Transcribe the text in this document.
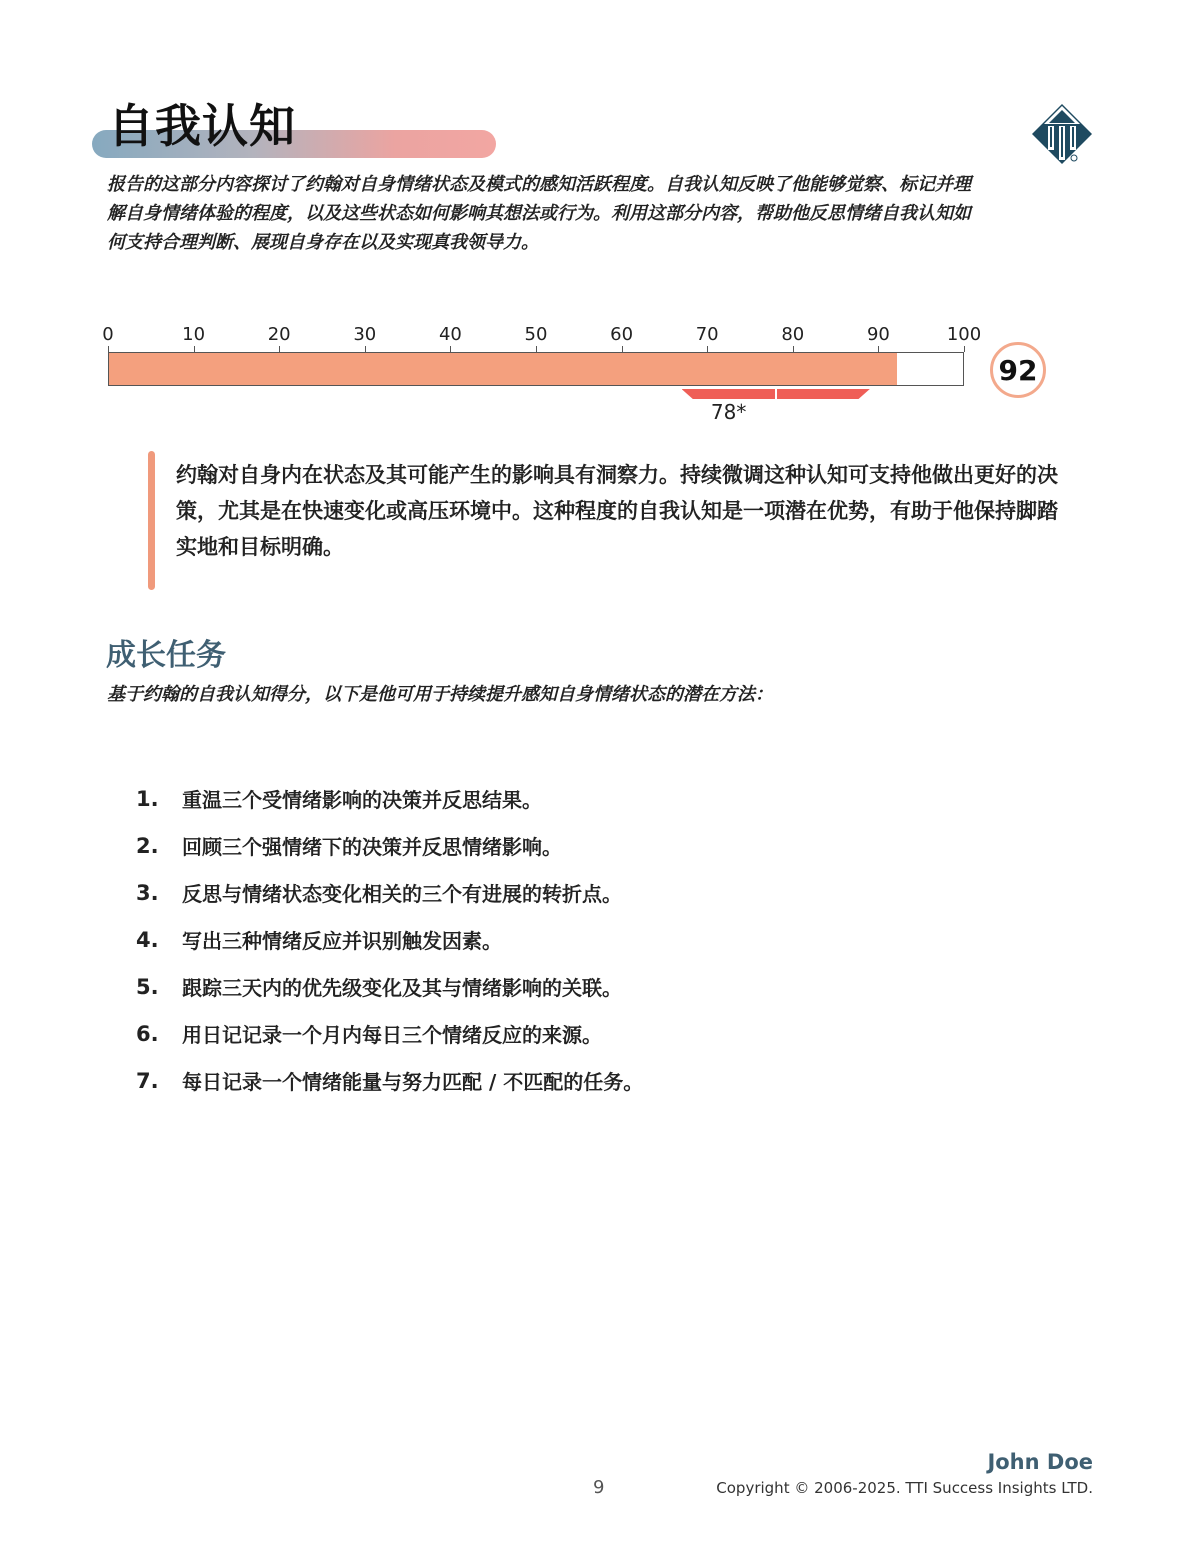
自我认知
报告的这部分内容探讨了约翰对自身情绪状态及模式的感知活跃程度。自我认知反映了他能够觉察、标记并理解自身情绪体验的程度，以及这些状态如何影响其想法或行为。利用这部分内容，帮助他反思情绪自我认知如何支持合理判断、展现自身存在以及实现真我领导力。
0	10	20	30	40	50	60	70	80	90	100
78*
92
约翰对自身内在状态及其可能产生的影响具有洞察力。持续微调这种认知可支持他做出更好的决策，尤其是在快速变化或高压环境中。这种程度的自我认知是一项潜在优势，有助于他保持脚踏实地和目标明确。
成长任务
基于约翰的自我认知得分，以下是他可用于持续提升感知自身情绪状态的潜在方法：
1.	重温三个受情绪影响的决策并反思结果。
2.	回顾三个强情绪下的决策并反思情绪影响。
3.	反思与情绪状态变化相关的三个有进展的转折点。
4.	写出三种情绪反应并识别触发因素。
5.	跟踪三天内的优先级变化及其与情绪影响的关联。
6.	用日记记录一个月内每日三个情绪反应的来源。
7.	每日记录一个情绪能量与努力匹配 / 不匹配的任务。
9
John Doe
Copyright © 2006-2025. TTI Success Insights LTD.
